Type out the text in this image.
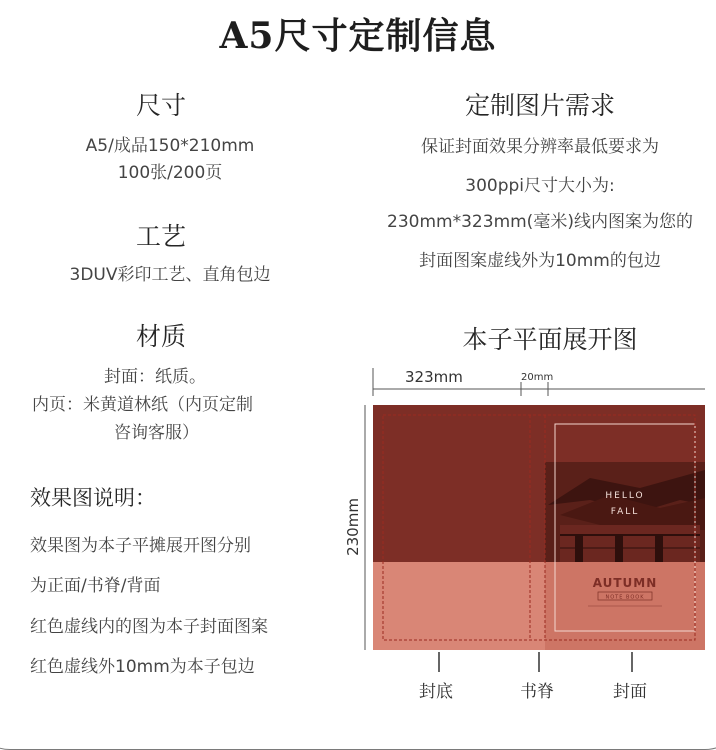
A5尺寸定制信息
尺寸
A5/成品150*210mm
100张/200页
工艺
3DUV彩印工艺、直角包边
材质
封面：纸质。
内页：米黄道林纸（内页定制
咨询客服）
效果图说明：
效果图为本子平摊展开图分别
为正面/书脊/背面
红色虚线内的图为本子封面图案
红色虚线外10mm为本子包边
定制图片需求
保证封面效果分辨率最低要求为
300ppi尺寸大小为:
230mm*323mm(毫米)线内图案为您的
封面图案虚线外为10mm的包边
本子平面展开图
HELLO
FALL
AUTUMN
NOTE BOOK
230mm
323mm	20mm
封底	书脊	封面
